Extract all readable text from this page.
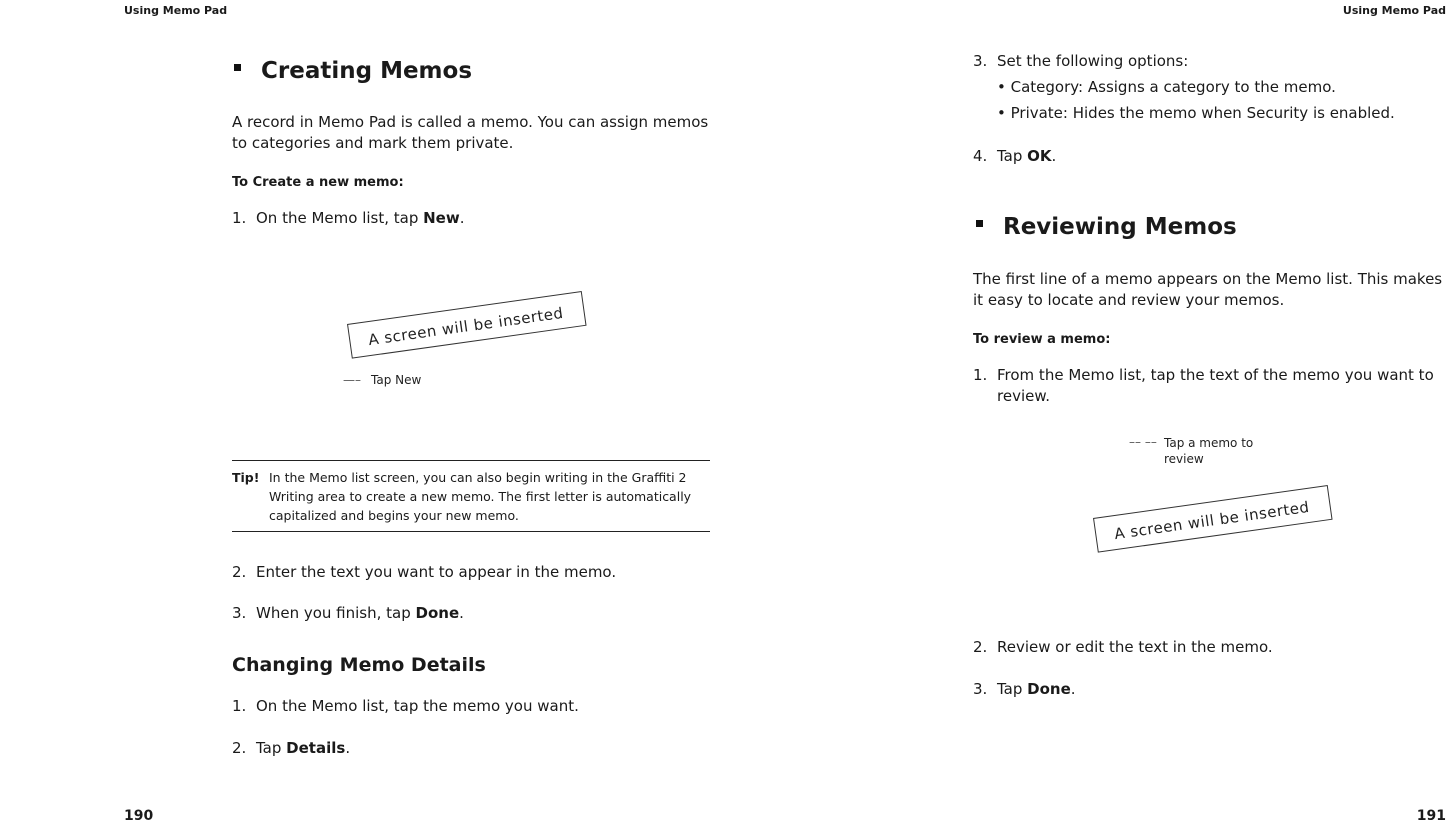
Using Memo Pad
Creating Memos
A record in Memo Pad is called a memo. You can assign memos to categories and mark them private.
To Create a new memo:
1. On the Memo list, tap New.
A screen will be inserted
—– Tap New
Tip! In the Memo list screen, you can also begin writing in the Graffiti 2 Writing area to create a new memo. The first letter is automatically capitalized and begins your new memo.
2. Enter the text you want to appear in the memo.
3. When you finish, tap Done.
Changing Memo Details
1. On the Memo list, tap the memo you want.
2. Tap Details.
190
Using Memo Pad
3. Set the following options:
• Category: Assigns a category to the memo.
• Private: Hides the memo when Security is enabled.
4. Tap OK.
Reviewing Memos
The first line of a memo appears on the Memo list. This makes it easy to locate and review your memos.
To review a memo:
1. From the Memo list, tap the text of the memo you want to review.
–– –– Tap a memo to review
A screen will be inserted
2. Review or edit the text in the memo.
3. Tap Done.
191
